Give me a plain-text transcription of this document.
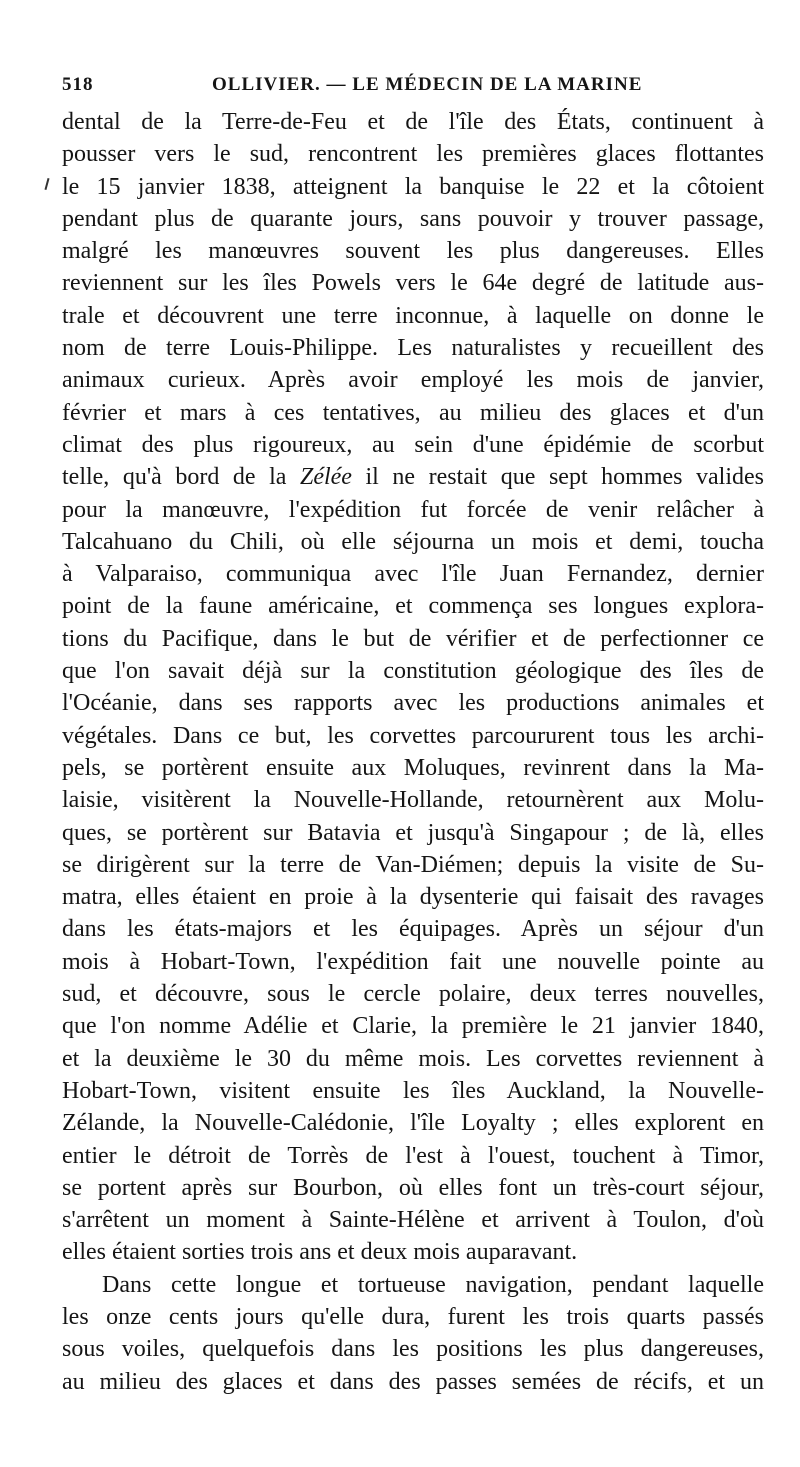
518	OLLIVIER. — LE MÉDECIN DE LA MARINE
dental de la Terre-de-Feu et de l'île des États, continuent à
pousser vers le sud, rencontrent les premières glaces flottantes
le 15 janvier 1838, atteignent la banquise le 22 et la côtoient
pendant plus de quarante jours, sans pouvoir y trouver passage,
malgré les manœuvres souvent les plus dangereuses. Elles
reviennent sur les îles Powels vers le 64e degré de latitude aus-
trale et découvrent une terre inconnue, à laquelle on donne le
nom de terre Louis-Philippe. Les naturalistes y recueillent des
animaux curieux. Après avoir employé les mois de janvier,
février et mars à ces tentatives, au milieu des glaces et d'un
climat des plus rigoureux, au sein d'une épidémie de scorbut
telle, qu'à bord de la Zélée il ne restait que sept hommes valides
pour la manœuvre, l'expédition fut forcée de venir relâcher à
Talcahuano du Chili, où elle séjourna un mois et demi, toucha
à Valparaiso, communiqua avec l'île Juan Fernandez, dernier
point de la faune américaine, et commença ses longues explora-
tions du Pacifique, dans le but de vérifier et de perfectionner ce
que l'on savait déjà sur la constitution géologique des îles de
l'Océanie, dans ses rapports avec les productions animales et
végétales. Dans ce but, les corvettes parcoururent tous les archi-
pels, se portèrent ensuite aux Moluques, revinrent dans la Ma-
laisie, visitèrent la Nouvelle-Hollande, retournèrent aux Molu-
ques, se portèrent sur Batavia et jusqu'à Singapour ; de là, elles
se dirigèrent sur la terre de Van-Diémen; depuis la visite de Su-
matra, elles étaient en proie à la dysenterie qui faisait des ravages
dans les états-majors et les équipages. Après un séjour d'un
mois à Hobart-Town, l'expédition fait une nouvelle pointe au
sud, et découvre, sous le cercle polaire, deux terres nouvelles,
que l'on nomme Adélie et Clarie, la première le 21 janvier 1840,
et la deuxième le 30 du même mois. Les corvettes reviennent à
Hobart-Town, visitent ensuite les îles Auckland, la Nouvelle-
Zélande, la Nouvelle-Calédonie, l'île Loyalty ; elles explorent en
entier le détroit de Torrès de l'est à l'ouest, touchent à Timor,
se portent après sur Bourbon, où elles font un très-court séjour,
s'arrêtent un moment à Sainte-Hélène et arrivent à Toulon, d'où
elles étaient sorties trois ans et deux mois auparavant.
Dans cette longue et tortueuse navigation, pendant laquelle
les onze cents jours qu'elle dura, furent les trois quarts passés
sous voiles, quelquefois dans les positions les plus dangereuses,
au milieu des glaces et dans des passes semées de récifs, et un
